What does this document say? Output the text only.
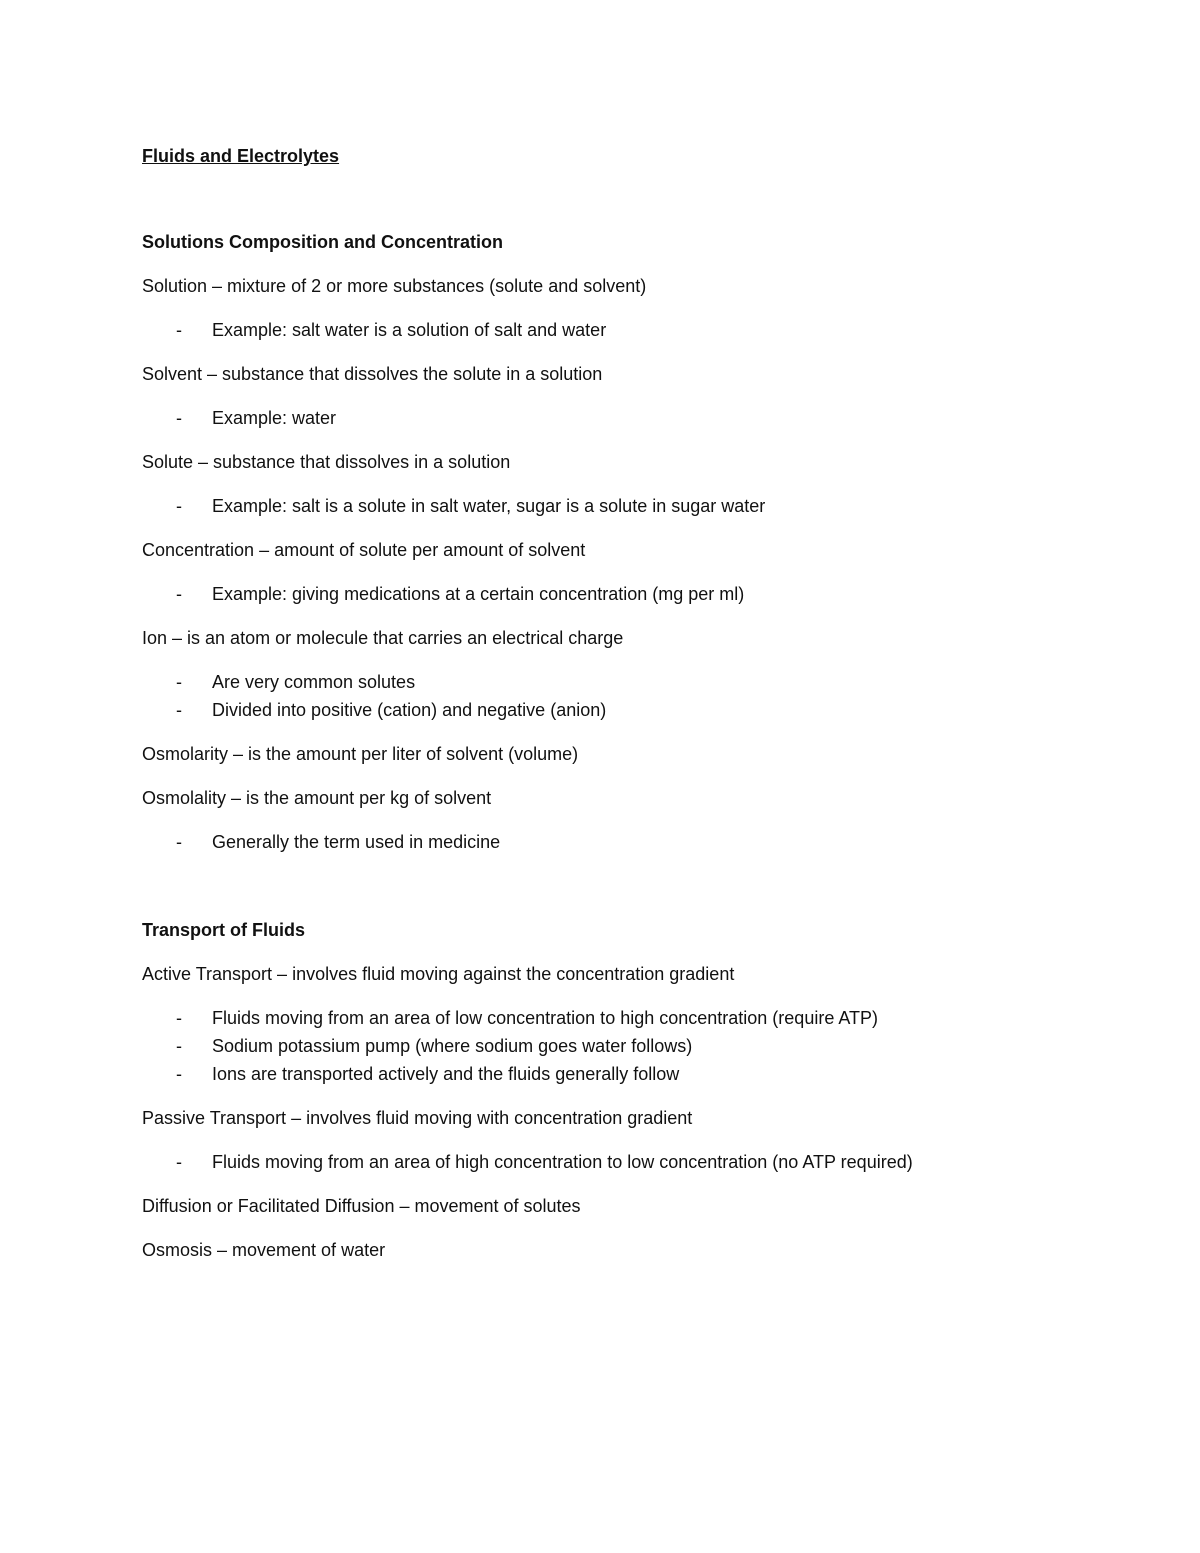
Fluids and Electrolytes
Solutions Composition and Concentration
Solution – mixture of 2 or more substances (solute and solvent)
- Example: salt water is a solution of salt and water
Solvent – substance that dissolves the solute in a solution
- Example: water
Solute – substance that dissolves in a solution
- Example: salt is a solute in salt water, sugar is a solute in sugar water
Concentration – amount of solute per amount of solvent
- Example: giving medications at a certain concentration (mg per ml)
Ion – is an atom or molecule that carries an electrical charge
- Are very common solutes
- Divided into positive (cation) and negative (anion)
Osmolarity – is the amount per liter of solvent (volume)
Osmolality – is the amount per kg of solvent
- Generally the term used in medicine
Transport of Fluids
Active Transport – involves fluid moving against the concentration gradient
- Fluids moving from an area of low concentration to high concentration (require ATP)
- Sodium potassium pump (where sodium goes water follows)
- Ions are transported actively and the fluids generally follow
Passive Transport – involves fluid moving with concentration gradient
- Fluids moving from an area of high concentration to low concentration (no ATP required)
Diffusion or Facilitated Diffusion – movement of solutes
Osmosis – movement of water
